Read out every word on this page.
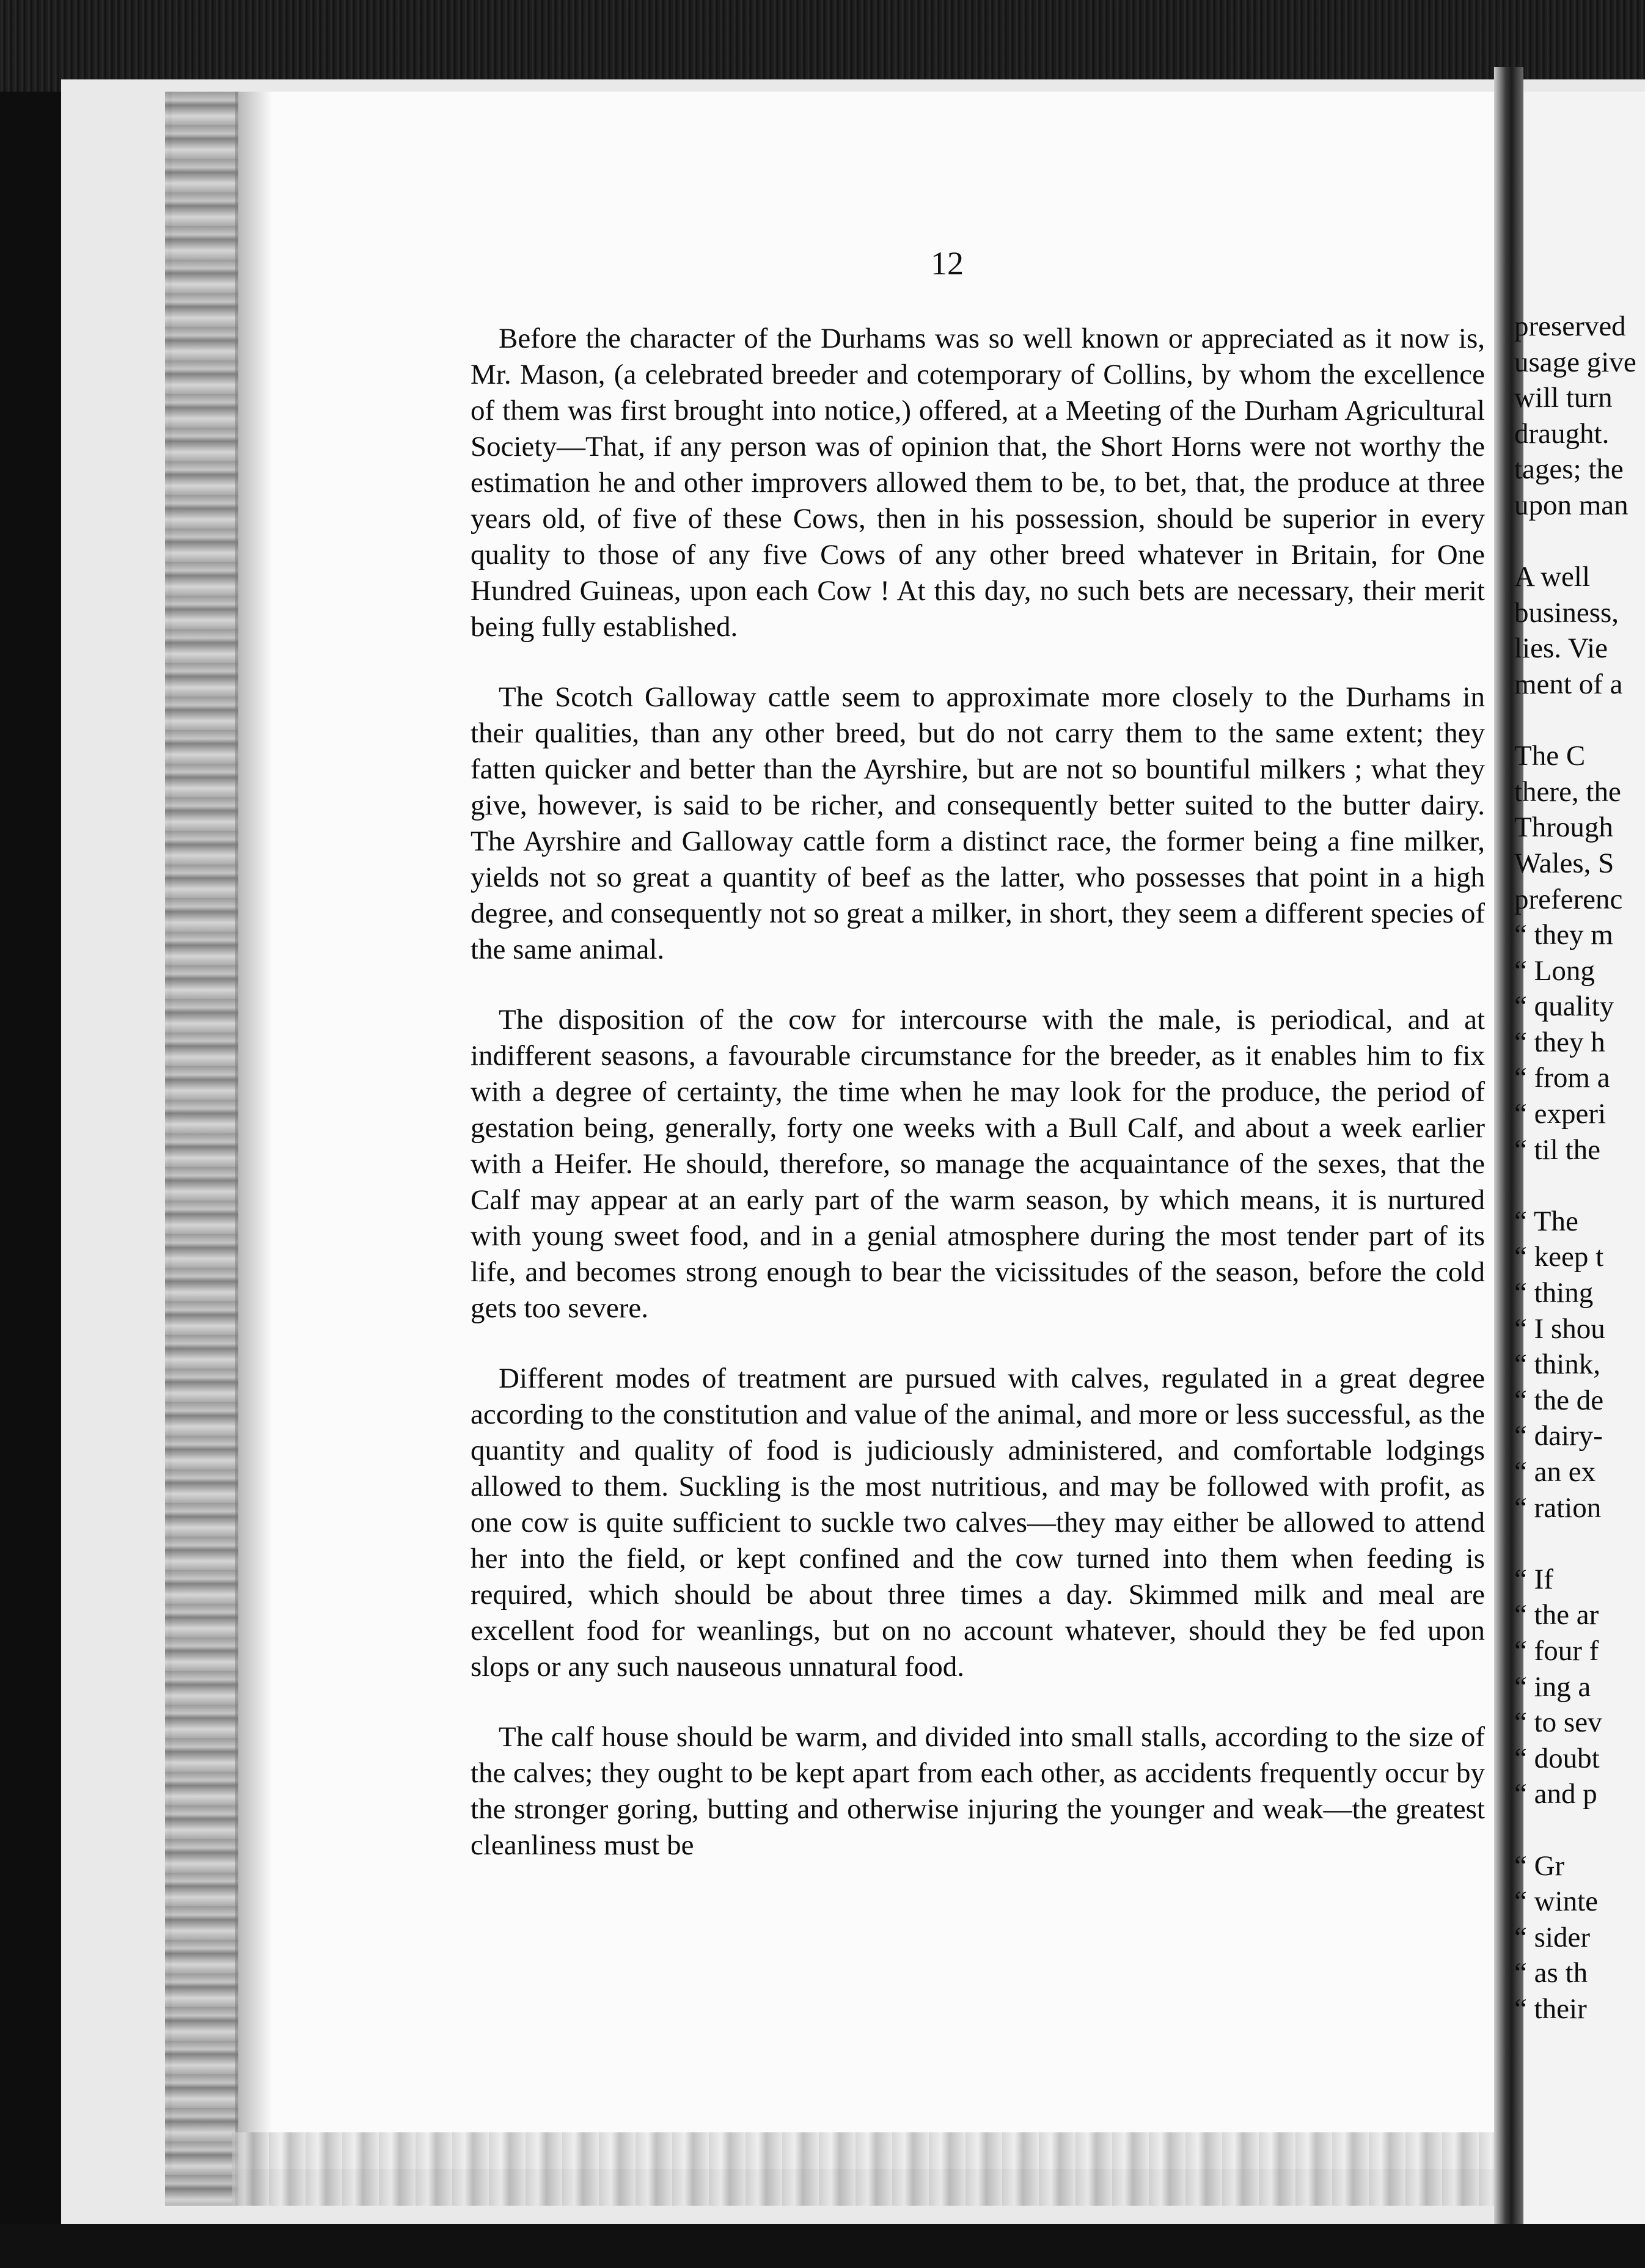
12

Before the character of the Durhams was so well known or appreciated as it now is, Mr. Mason, (a celebrated breeder and cotemporary of Collins, by whom the excellence of them was first brought into notice,) offered, at a Meeting of the Durham Agricultural Society—That, if any person was of opinion that, the Short Horns were not worthy the estimation he and other improvers allowed them to be, to bet, that, the produce at three years old, of five of these Cows, then in his possession, should be superior in every quality to those of any five Cows of any other breed whatever in Britain, for One Hundred Guineas, upon each Cow ! At this day, no such bets are necessary, their merit being fully established.

The Scotch Galloway cattle seem to approximate more closely to the Durhams in their qualities, than any other breed, but do not carry them to the same extent; they fatten quicker and better than the Ayrshire, but are not so bountiful milkers ; what they give, however, is said to be richer, and consequently better suited to the butter dairy. The Ayrshire and Galloway cattle form a distinct race, the former being a fine milker, yields not so great a quantity of beef as the latter, who possesses that point in a high degree, and consequently not so great a milker, in short, they seem a different species of the same animal.

The disposition of the cow for intercourse with the male, is periodical, and at indifferent seasons, a favourable circumstance for the breeder, as it enables him to fix with a degree of certainty, the time when he may look for the produce, the period of gestation being, generally, forty one weeks with a Bull Calf, and about a week earlier with a Heifer. He should, therefore, so manage the acquaintance of the sexes, that the Calf may appear at an early part of the warm season, by which means, it is nurtured with young sweet food, and in a genial atmosphere during the most tender part of its life, and becomes strong enough to bear the vicissitudes of the season, before the cold gets too severe.

Different modes of treatment are pursued with calves, regulated in a great degree according to the constitution and value of the animal, and more or less successful, as the quantity and quality of food is judiciously administered, and comfortable lodgings allowed to them. Suckling is the most nutritious, and may be followed with profit, as one cow is quite sufficient to suckle two calves—they may either be allowed to attend her into the field, or kept confined and the cow turned into them when feeding is required, which should be about three times a day. Skimmed milk and meal are excellent food for weanlings, but on no account whatever, should they be fed upon slops or any such nauseous unnatural food.

The calf house should be warm, and divided into small stalls, according to the size of the calves; they ought to be kept apart from each other, as accidents frequently occur by the stronger goring, butting and otherwise injuring the younger and weak—the greatest cleanliness must be

preserved
usage give
will turn
draught.
tages; the
upon man
A well
business,
lies. Vie
ment of a
The C
there, the
Through
Wales, S
preferenc
“ they m
“ Long
“ quality
“ they h
“ from a
“ experi
“ til the
“ The
“ keep t
“ thing
“ I shou
“ think,
“ the de
“ dairy-
“ an ex
“ ration
“ If
“ the ar
“ four f
“ ing a
“ to sev
“ doubt
“ and p
“ Gr
“ winte
“ sider
“ as th
“ their
